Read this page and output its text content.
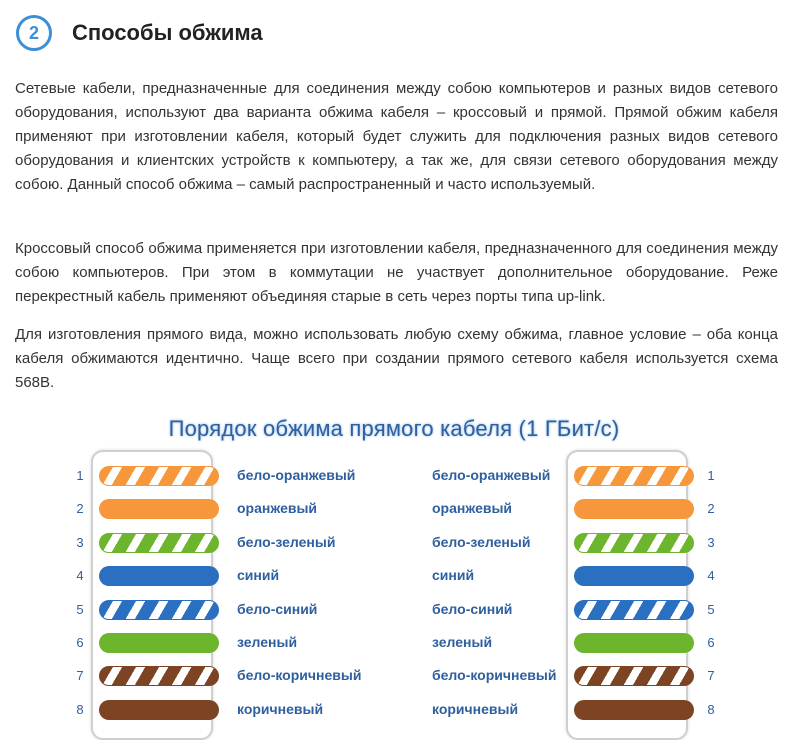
2	Способы обжима

Сетевые кабели, предназначенные для соединения между собою компьютеров и разных видов сетевого оборудования, используют два варианта обжима кабеля – кроссовый и прямой. Прямой обжим кабеля применяют при изготовлении кабеля, который будет служить для подключения разных видов сетевого оборудования и клиентских устройств к компьютеру, а так же, для связи сетевого оборудования между собою. Данный способ обжима – самый распространенный и часто используемый.

Кроссовый способ обжима применяется при изготовлении кабеля, предназначенного для соединения между собою компьютеров. При этом в коммутации не участвует дополнительное оборудование. Реже перекрестный кабель применяют объединяя старые в сеть через порты типа up-link.

Для изготовления прямого вида, можно использовать любую схему обжима, главное условие – оба конца кабеля обжимаются идентично. Чаще всего при создании прямого сетевого кабеля используется схема 568B.

Порядок обжима прямого кабеля (1 ГБит/с)
1	бело-оранжевый	бело-оранжевый	1
2	оранжевый	оранжевый	2
3	бело-зеленый	бело-зеленый	3
4	синий	синий	4
5	бело-синий	бело-синий	5
6	зеленый	зеленый	6
7	бело-коричневый	бело-коричневый	7
8	коричневый	коричневый	8
